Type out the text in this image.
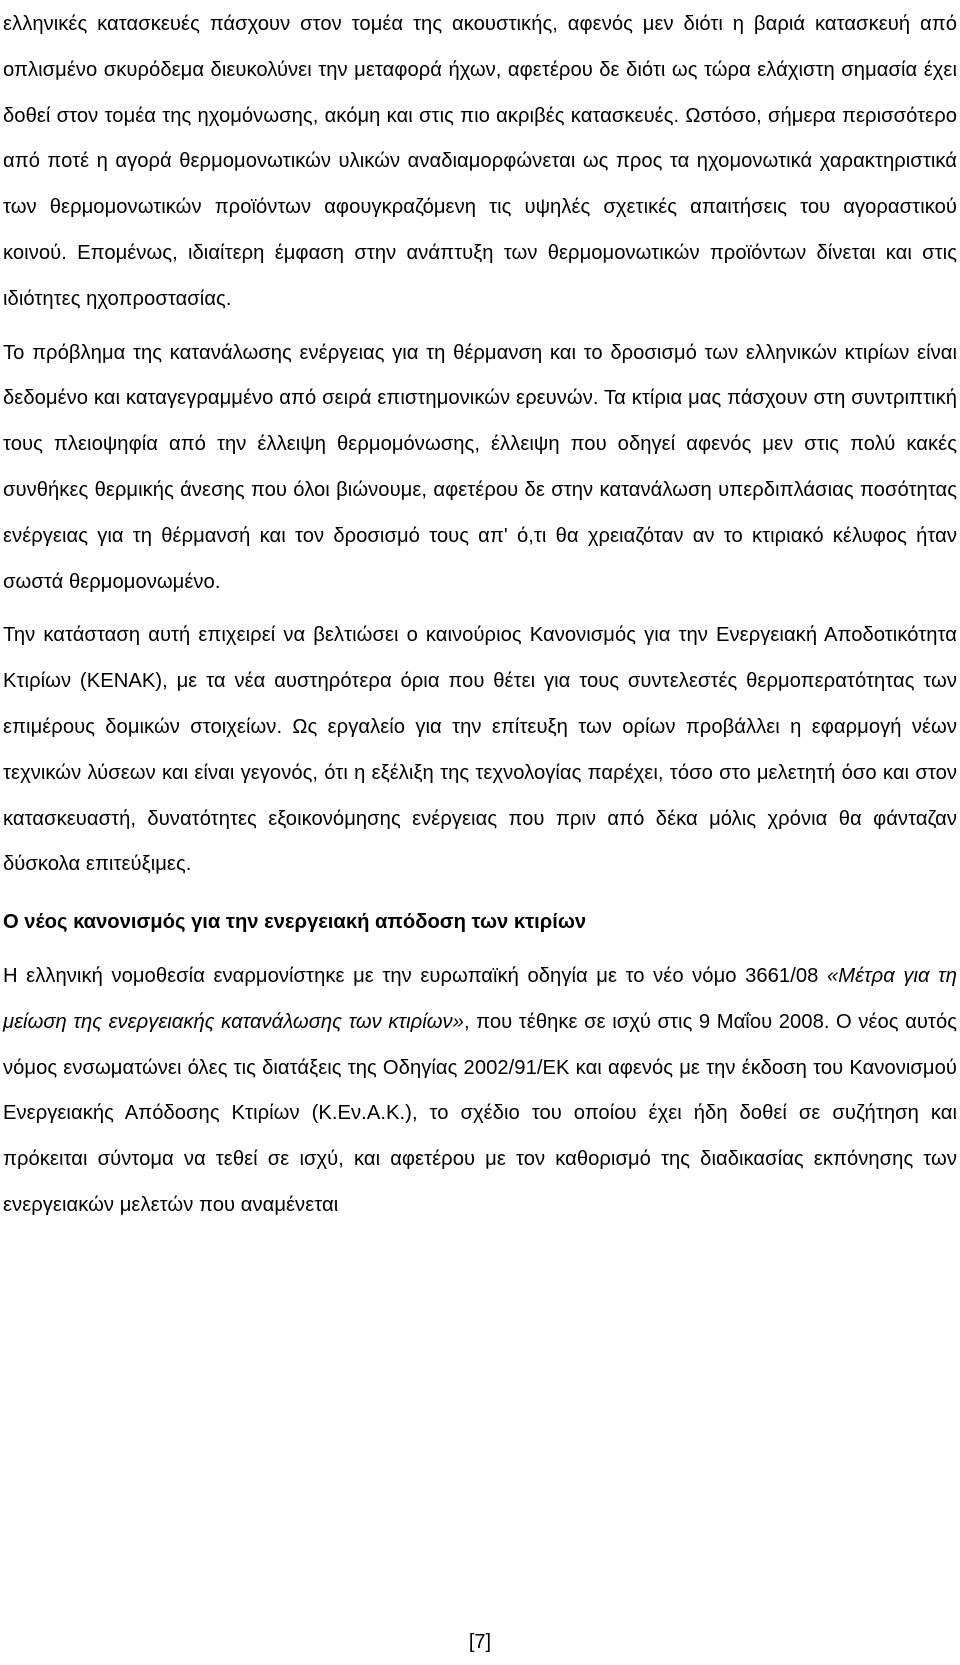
ελληνικές κατασκευές πάσχουν στον τομέα της ακουστικής, αφενός μεν διότι η βαριά κατασκευή από οπλισμένο σκυρόδεμα διευκολύνει την μεταφορά ήχων, αφετέρου δε διότι ως τώρα ελάχιστη σημασία έχει δοθεί στον τομέα της ηχομόνωσης, ακόμη και στις πιο ακριβές κατασκευές. Ωστόσο, σήμερα περισσότερο από ποτέ η αγορά θερμομονωτικών υλικών αναδιαμορφώνεται ως προς τα ηχομονωτικά χαρακτηριστικά των θερμομονωτικών προϊόντων αφουγκραζόμενη τις υψηλές σχετικές απαιτήσεις του αγοραστικού κοινού. Επομένως, ιδιαίτερη έμφαση στην ανάπτυξη των θερμομονωτικών προϊόντων δίνεται και στις ιδιότητες ηχοπροστασίας.

Το πρόβλημα της κατανάλωσης ενέργειας για τη θέρμανση και το δροσισμό των ελληνικών κτιρίων είναι δεδομένο και καταγεγραμμένο από σειρά επιστημονικών ερευνών. Τα κτίρια μας πάσχουν στη συντριπτική τους πλειοψηφία από την έλλειψη θερμομόνωσης, έλλειψη που οδηγεί αφενός μεν στις πολύ κακές συνθήκες θερμικής άνεσης που όλοι βιώνουμε, αφετέρου δε στην κατανάλωση υπερδιπλάσιας ποσότητας ενέργειας για τη θέρμανσή και τον δροσισμό τους απ' ό,τι θα χρειαζόταν αν το κτιριακό κέλυφος ήταν σωστά θερμομονωμένο.

Την κατάσταση αυτή επιχειρεί να βελτιώσει ο καινούριος Κανονισμός για την Ενεργειακή Αποδοτικότητα Κτιρίων (ΚΕΝΑΚ), με τα νέα αυστηρότερα όρια που θέτει για τους συντελεστές θερμοπερατότητας των επιμέρους δομικών στοιχείων. Ως εργαλείο για την επίτευξη των ορίων προβάλλει η εφαρμογή νέων τεχνικών λύσεων και είναι γεγονός, ότι η εξέλιξη της τεχνολογίας παρέχει, τόσο στο μελετητή όσο και στον κατασκευαστή, δυνατότητες εξοικονόμησης ενέργειας που πριν από δέκα μόλις χρόνια θα φάνταζαν δύσκολα επιτεύξιμες.

Ο νέος κανονισμός για την ενεργειακή απόδοση των κτιρίων

Η ελληνική νομοθεσία εναρμονίστηκε με την ευρωπαϊκή οδηγία με το νέο νόμο 3661/08 «Μέτρα για τη μείωση της ενεργειακής κατανάλωσης των κτιρίων», που τέθηκε σε ισχύ στις 9 Μαΐου 2008. Ο νέος αυτός νόμος ενσωματώνει όλες τις διατάξεις της Οδηγίας 2002/91/ΕΚ και αφενός με την έκδοση του Κανονισμού Ενεργειακής Απόδοσης Κτιρίων (Κ.Εν.Α.Κ.), το σχέδιο του οποίου έχει ήδη δοθεί σε συζήτηση και πρόκειται σύντομα να τεθεί σε ισχύ, και αφετέρου με τον καθορισμό της διαδικασίας εκπόνησης των ενεργειακών μελετών που αναμένεται

[7]
